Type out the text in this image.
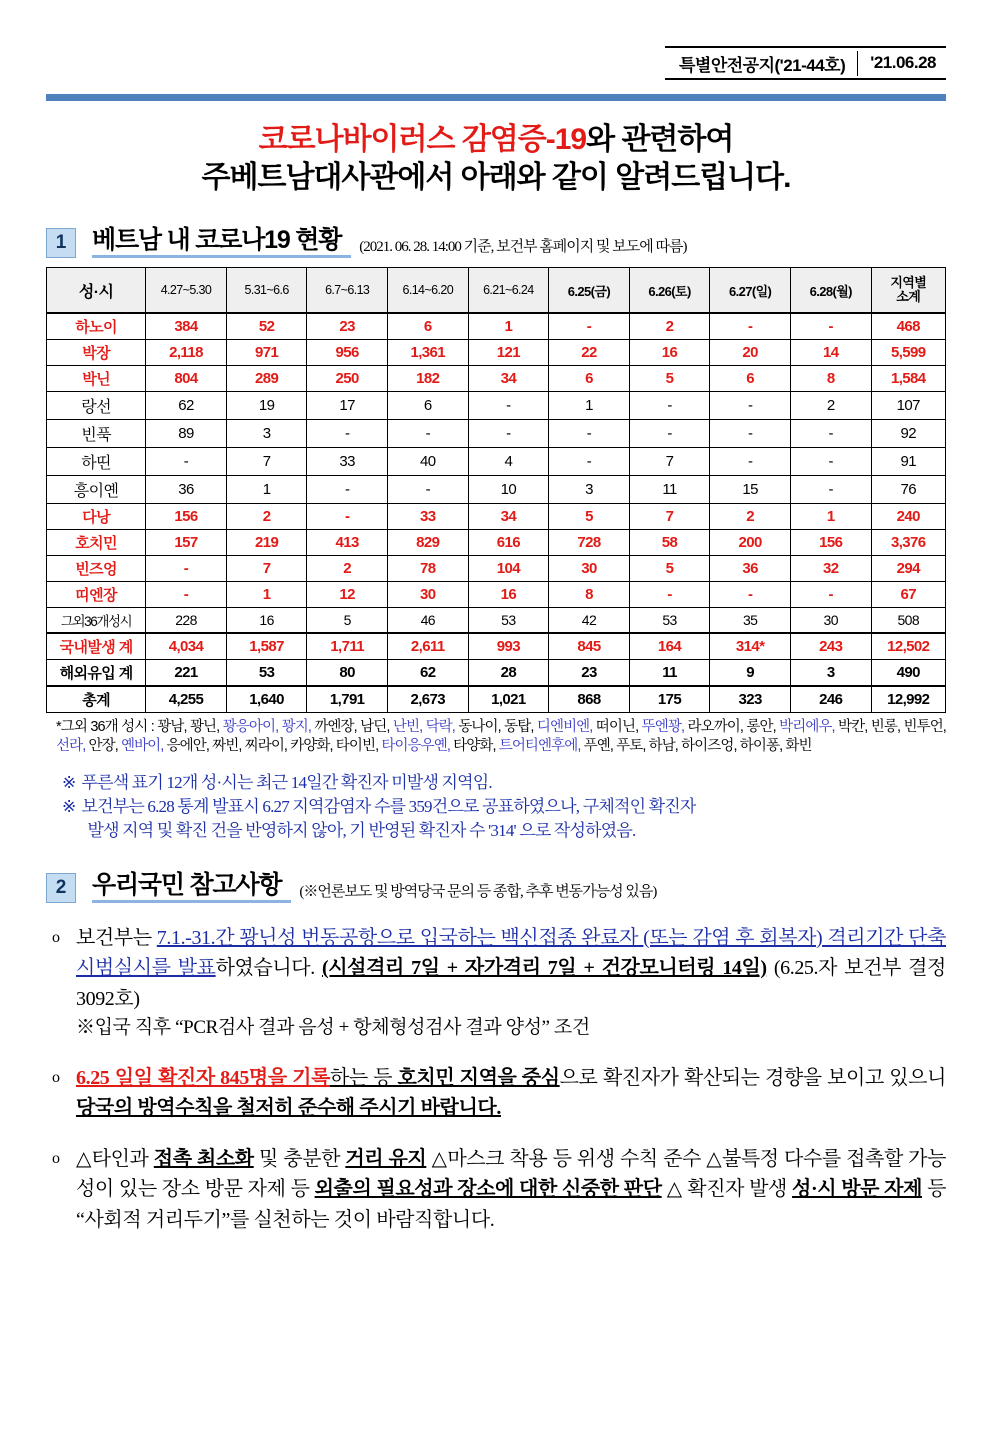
특별안전공지('21-44호)	'21.06.28
코로나바이러스 감염증-19와 관련하여
주베트남대사관에서 아래와 같이 알려드립니다.
1	베트남 내 코로나19 현황	(2021. 06. 28. 14:00 기준, 보건부 홈페이지 및 보도에 따름)
성·시	4.27~5.30	5.31~6.6	6.7~6.13	6.14~6.20	6.21~6.24	6.25(금)	6.26(토)	6.27(일)	6.28(월)	지역별
소계
하노이	384	52	23	6	1	-	2	-	-	468
박장	2,118	971	956	1,361	121	22	16	20	14	5,599
박닌	804	289	250	182	34	6	5	6	8	1,584
랑선	62	19	17	6	-	1	-	-	2	107
빈푹	89	3	-	-	-	-	-	-	-	92
하띤	-	7	33	40	4	-	7	-	-	91
흥이옌	36	1	-	-	10	3	11	15	-	76
다낭	156	2	-	33	34	5	7	2	1	240
호치민	157	219	413	829	616	728	58	200	156	3,376
빈즈엉	-	7	2	78	104	30	5	36	32	294
띠엔장	-	1	12	30	16	8	-	-	-	67
그외36개성시	228	16	5	46	53	42	53	35	30	508
국내발생 계	4,034	1,587	1,711	2,611	993	845	164	314*	243	12,502
해외유입 계	221	53	80	62	28	23	11	9	3	490
총계	4,255	1,640	1,791	2,673	1,021	868	175	323	246	12,992
*그외 36개 성시 : 꽝남, 꽝닌, 꽝응아이, 꽝지, 까엔장, 남딘, 난빈, 닥락, 동나이, 동탑, 디엔비엔, 떠이닌, 뚜엔꽝, 라오까이, 롱안, 박리에우, 박칸, 빈롱, 빈투언, 선라, 안장, 옌바이, 응에안, 짜빈, 찌라이, 카양화, 타이빈, 타이응우옌, 타양화, 트어티엔후에, 푸옌, 푸토, 하남, 하이즈엉, 하이퐁, 화빈
※ 푸른색 표기 12개 성·시는 최근 14일간 확진자 미발생 지역임.
※ 보건부는 6.28 통계 발표시 6.27 지역감염자 수를 359건으로 공표하였으나, 구체적인 확진자
발생 지역 및 확진 건을 반영하지 않아, 기 반영된 확진자 수 '314' 으로 작성하였음.
2	우리국민 참고사항	(※언론보도 및 방역당국 문의 등 종합, 추후 변동가능성 있음)
o 보건부는 7.1.-31.간 꽝닌성 번동공항으로 입국하는 백신접종 완료자 (또는 감염 후 회복자) 격리기간 단축 시범실시를 발표하였습니다. (시설격리 7일 + 자가격리 7일 + 건강모니터링 14일) (6.25.자 보건부 결정 3092호)
※입국 직후 “PCR검사 결과 음성 + 항체형성검사 결과 양성” 조건
o 6.25 일일 확진자 845명을 기록하는 등 호치민 지역을 중심으로 확진자가 확산되는 경향을 보이고 있으니 당국의 방역수칙을 철저히 준수해 주시기 바랍니다.
o △타인과 접촉 최소화 및 충분한 거리 유지 △마스크 착용 등 위생 수칙 준수 △불특정 다수를 접촉할 가능성이 있는 장소 방문 자제 등 외출의 필요성과 장소에 대한 신중한 판단 △ 확진자 발생 성·시 방문 자제 등 “사회적 거리두기”를 실천하는 것이 바람직합니다.
